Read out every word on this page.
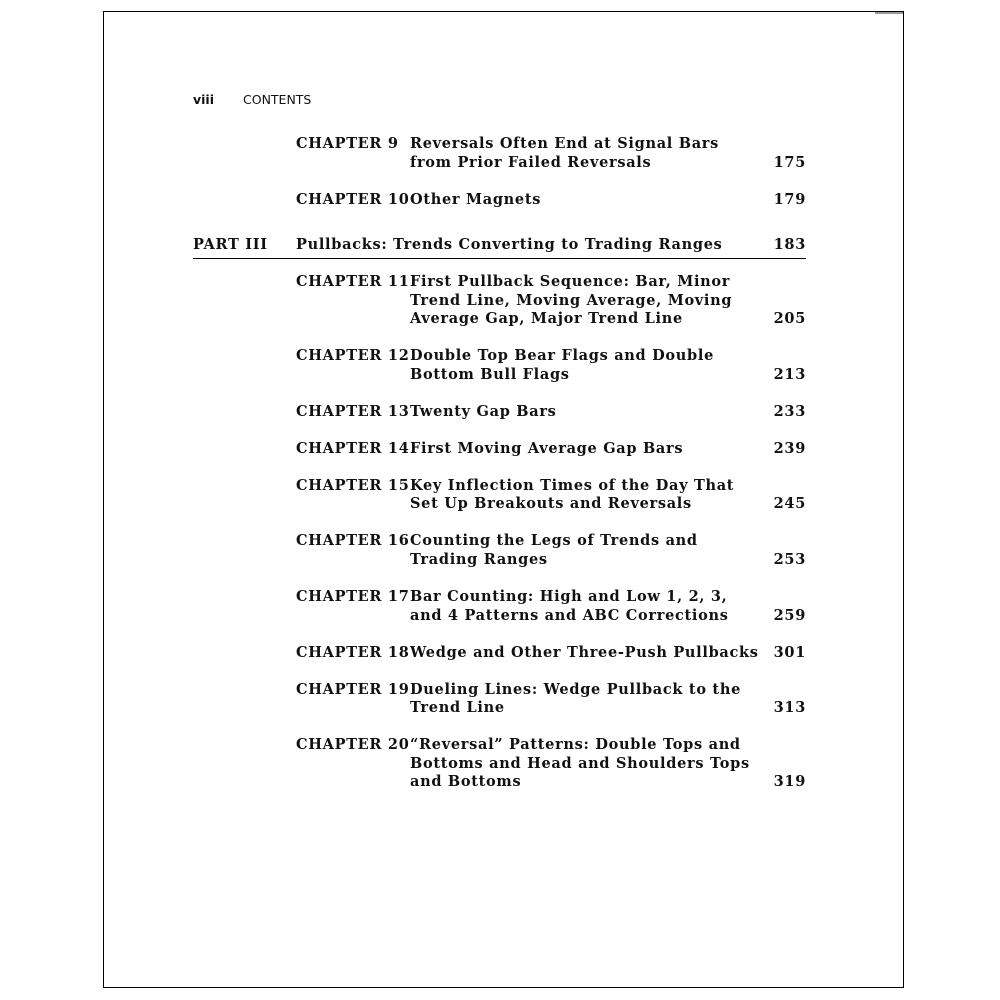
viii CONTENTS
CHAPTER 9 Reversals Often End at Signal Bars
from Prior Failed Reversals	175
CHAPTER 10 Other Magnets	179
PART III Pullbacks: Trends Converting to Trading Ranges	183
CHAPTER 11 First Pullback Sequence: Bar, Minor
Trend Line, Moving Average, Moving
Average Gap, Major Trend Line	205
CHAPTER 12 Double Top Bear Flags and Double
Bottom Bull Flags	213
CHAPTER 13 Twenty Gap Bars	233
CHAPTER 14 First Moving Average Gap Bars	239
CHAPTER 15 Key Inflection Times of the Day That
Set Up Breakouts and Reversals	245
CHAPTER 16 Counting the Legs of Trends and
Trading Ranges	253
CHAPTER 17 Bar Counting: High and Low 1, 2, 3,
and 4 Patterns and ABC Corrections	259
CHAPTER 18 Wedge and Other Three-Push Pullbacks 301
CHAPTER 19 Dueling Lines: Wedge Pullback to the
Trend Line	313
CHAPTER 20 “Reversal” Patterns: Double Tops and
Bottoms and Head and Shoulders Tops
and Bottoms	319
